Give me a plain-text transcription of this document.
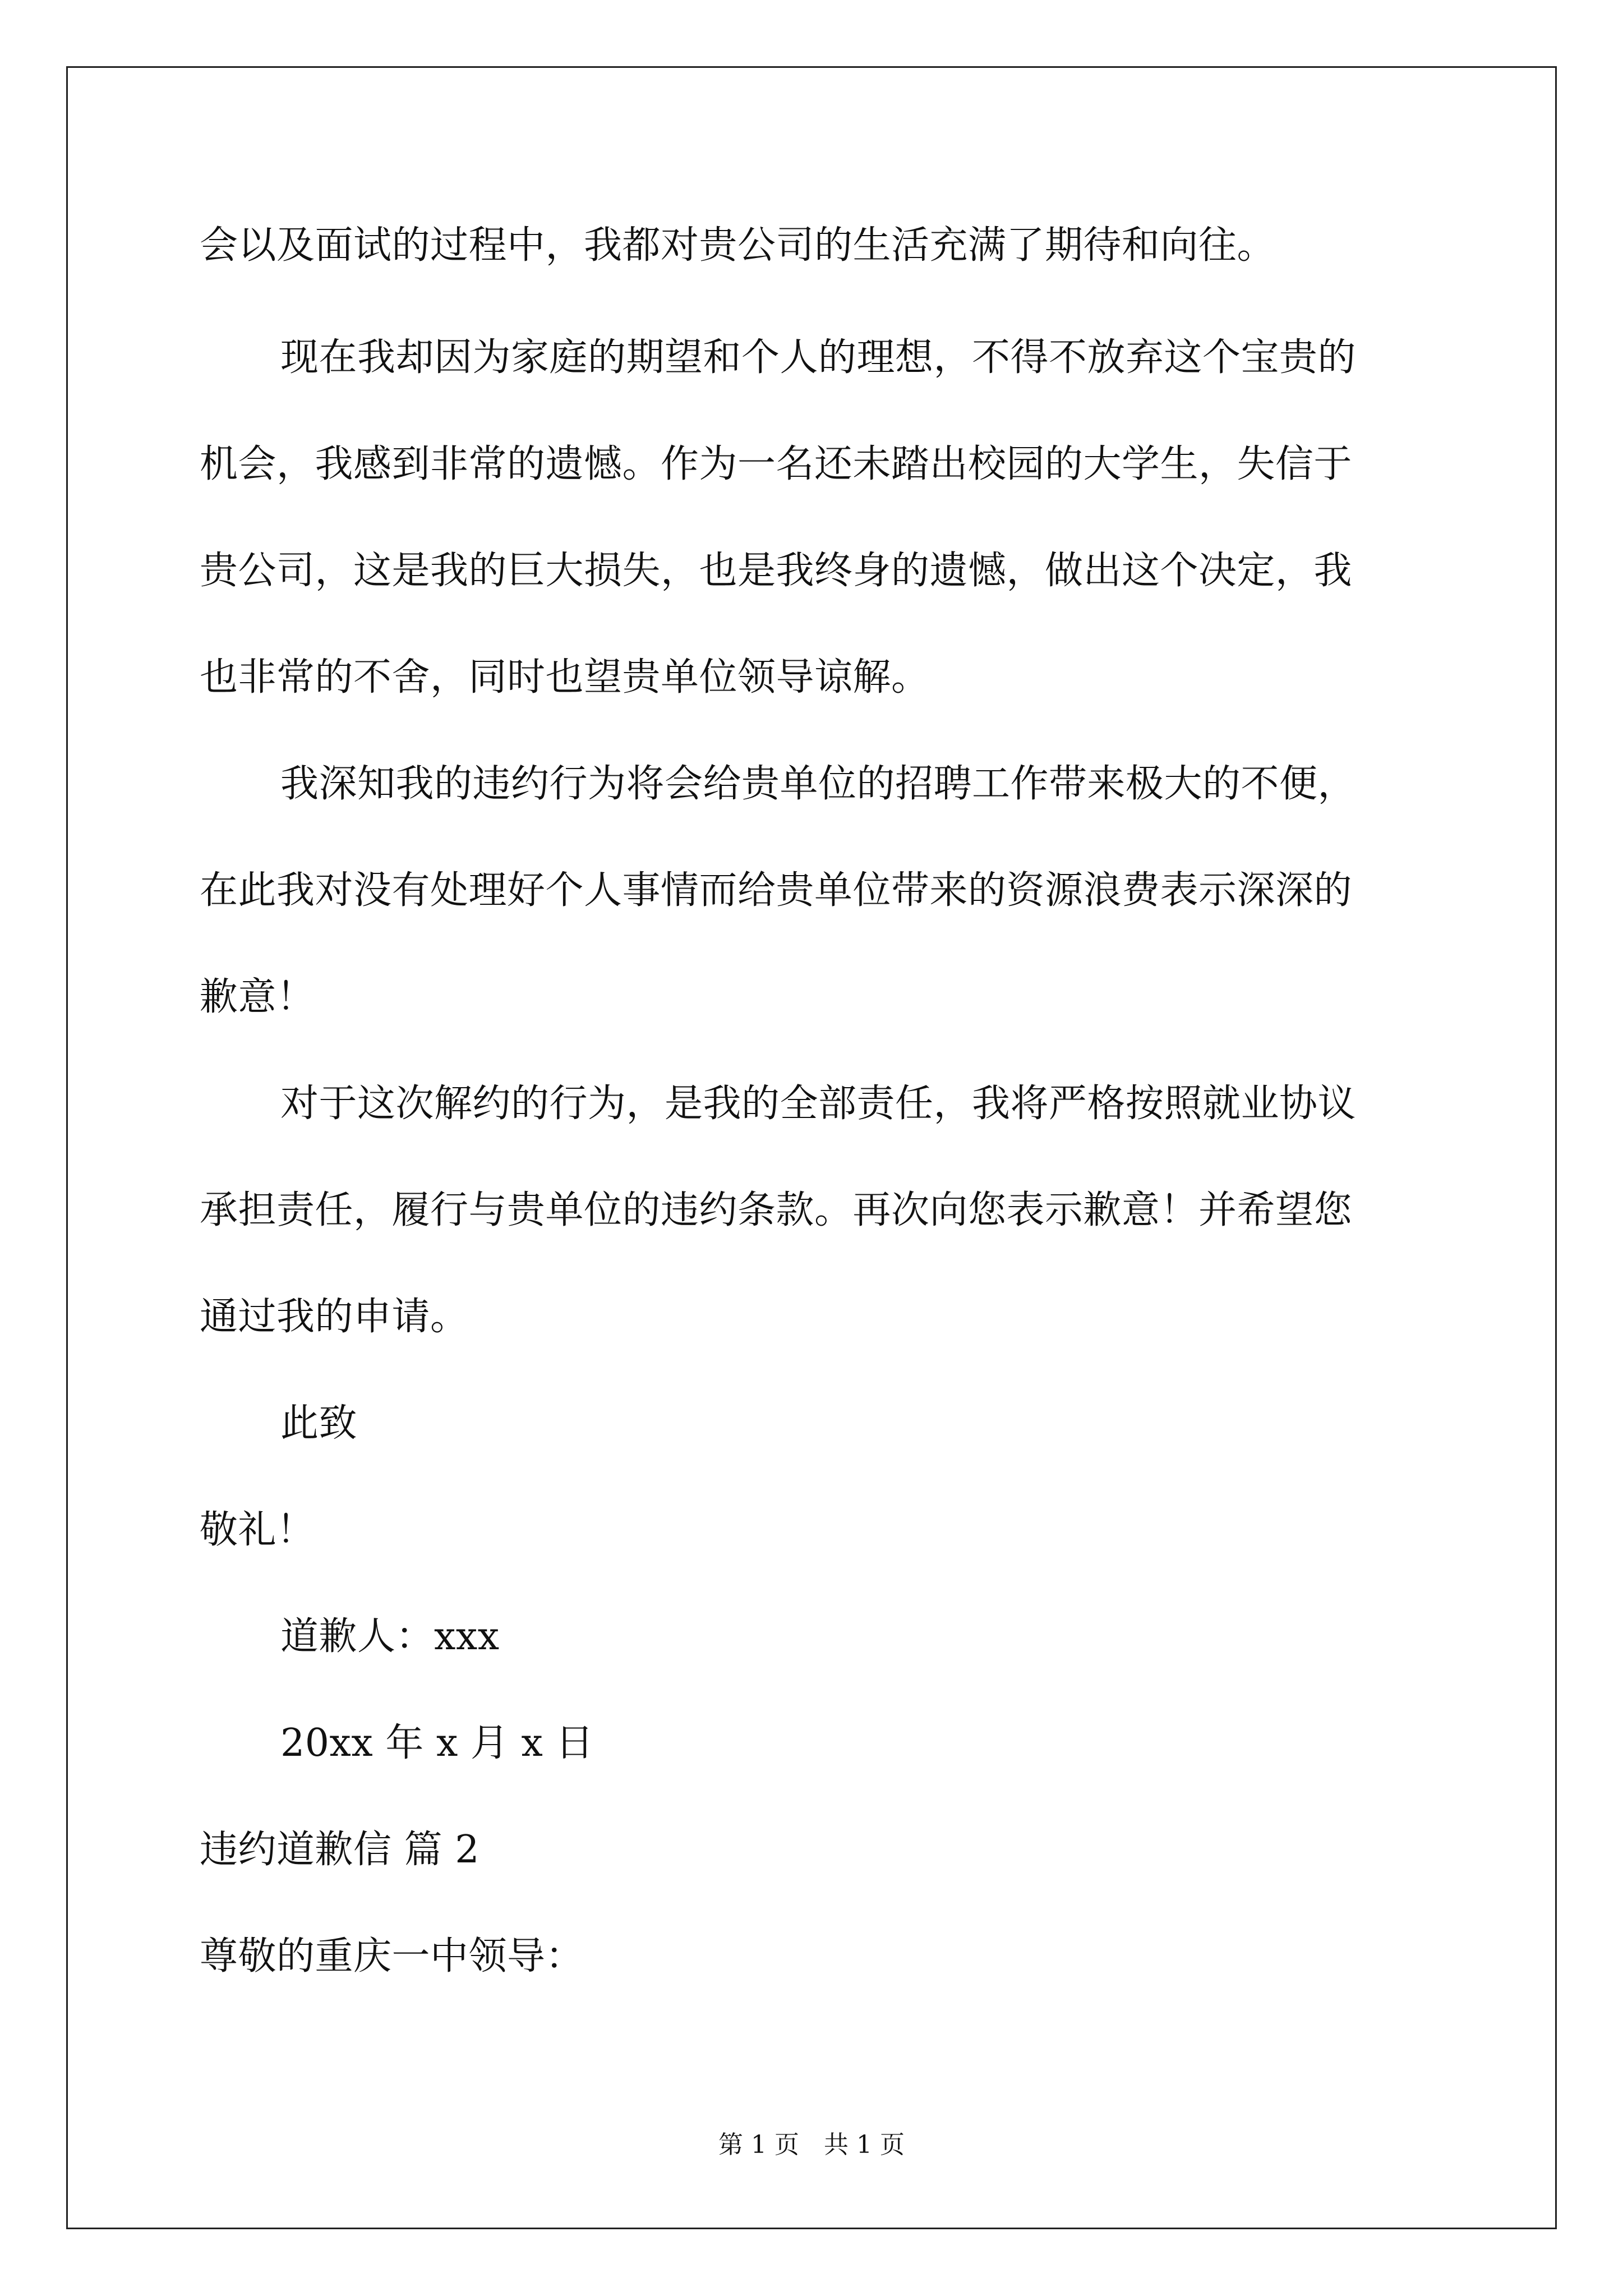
会以及面试的过程中，我都对贵公司的生活充满了期待和向往。
现在我却因为家庭的期望和个人的理想，不得不放弃这个宝贵的
机会，我感到非常的遗憾。作为一名还未踏出校园的大学生，失信于
贵公司，这是我的巨大损失，也是我终身的遗憾，做出这个决定，我
也非常的不舍，同时也望贵单位领导谅解。
我深知我的违约行为将会给贵单位的招聘工作带来极大的不便，
在此我对没有处理好个人事情而给贵单位带来的资源浪费表示深深的
歉意！
对于这次解约的行为，是我的全部责任，我将严格按照就业协议
承担责任，履行与贵单位的违约条款。再次向您表示歉意！并希望您
通过我的申请。
此致
敬礼！
道歉人：xxx
20xx 年 x 月 x 日
违约道歉信 篇 2
尊敬的重庆一中领导：
第 1 页 共 1 页
